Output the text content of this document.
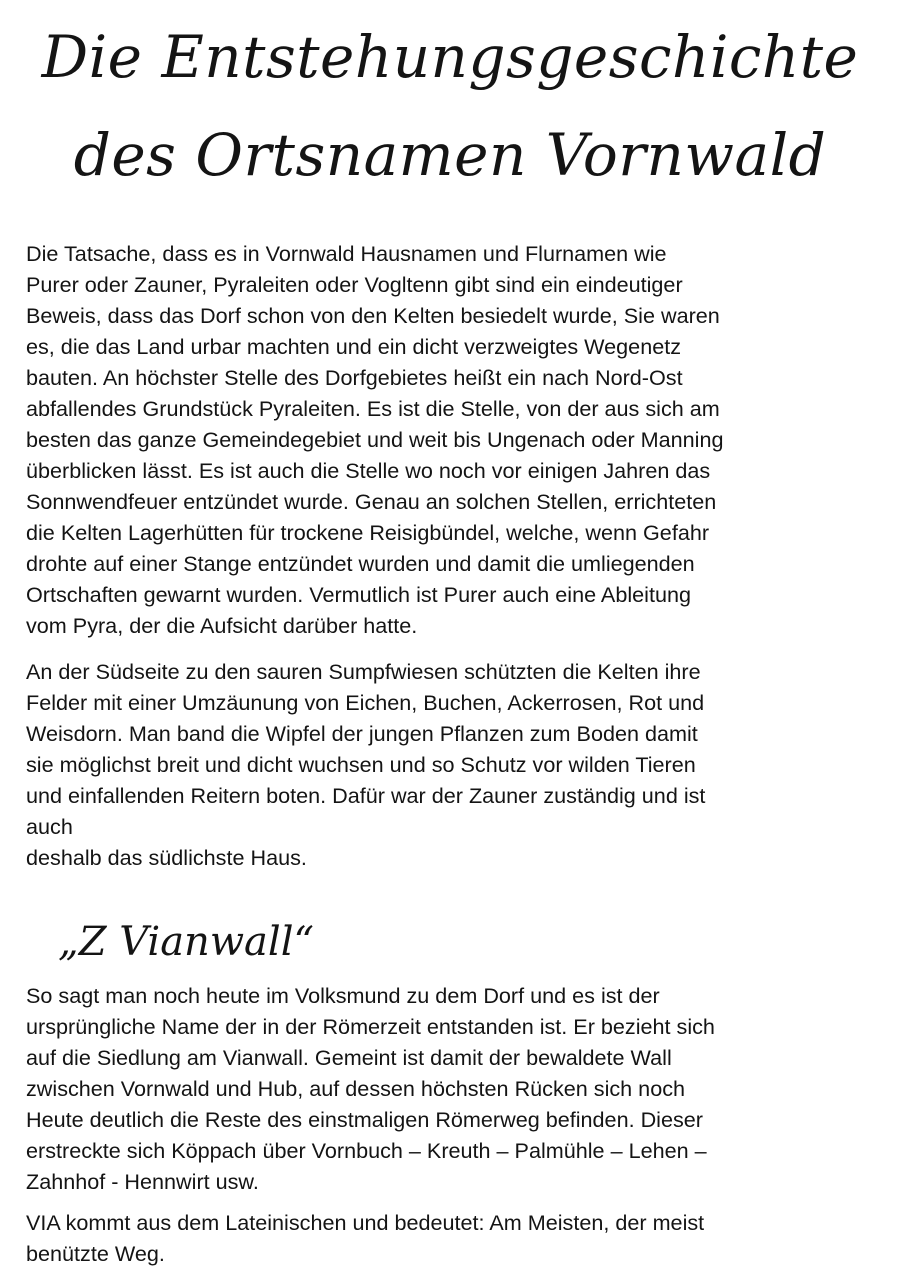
Die Entstehungsgeschichte
des Ortsnamen Vornwald

Die Tatsache, dass es in Vornwald Hausnamen und Flurnamen wie
Purer oder Zauner, Pyraleiten oder Vogltenn gibt sind ein eindeutiger
Beweis, dass das Dorf schon von den Kelten besiedelt wurde, Sie waren
es, die das Land urbar machten und ein dicht verzweigtes Wegenetz
bauten. An höchster Stelle des Dorfgebietes heißt ein nach Nord-Ost
abfallendes Grundstück Pyraleiten. Es ist die Stelle, von der aus sich am
besten das ganze Gemeindegebiet und weit bis Ungenach oder Manning
überblicken lässt. Es ist auch die Stelle wo noch vor einigen Jahren das
Sonnwendfeuer entzündet wurde. Genau an solchen Stellen, errichteten
die Kelten Lagerhütten für trockene Reisigbündel, welche, wenn Gefahr
drohte auf einer Stange entzündet wurden und damit die umliegenden
Ortschaften gewarnt wurden. Vermutlich ist Purer auch eine Ableitung
vom Pyra, der die Aufsicht darüber hatte.

An der Südseite zu den sauren Sumpfwiesen schützten die Kelten ihre
Felder mit einer Umzäunung von Eichen, Buchen, Ackerrosen, Rot und
Weisdorn. Man band die Wipfel der jungen Pflanzen zum Boden damit
sie möglichst breit und dicht wuchsen und so Schutz vor wilden Tieren
und einfallenden Reitern boten. Dafür war der Zauner zuständig und ist
auch
deshalb das südlichste Haus.

„Z Vianwall“

So sagt man noch heute im Volksmund zu dem Dorf und es ist der
ursprüngliche Name der in der Römerzeit entstanden ist. Er bezieht sich
auf die Siedlung am Vianwall. Gemeint ist damit der bewaldete Wall
zwischen Vornwald und Hub, auf dessen höchsten Rücken sich noch
Heute deutlich die Reste des einstmaligen Römerweg befinden. Dieser
erstreckte sich Köppach über Vornbuch – Kreuth – Palmühle – Lehen –
Zahnhof - Hennwirt usw.

VIA kommt aus dem Lateinischen und bedeutet: Am Meisten, der meist
benützte Weg.
